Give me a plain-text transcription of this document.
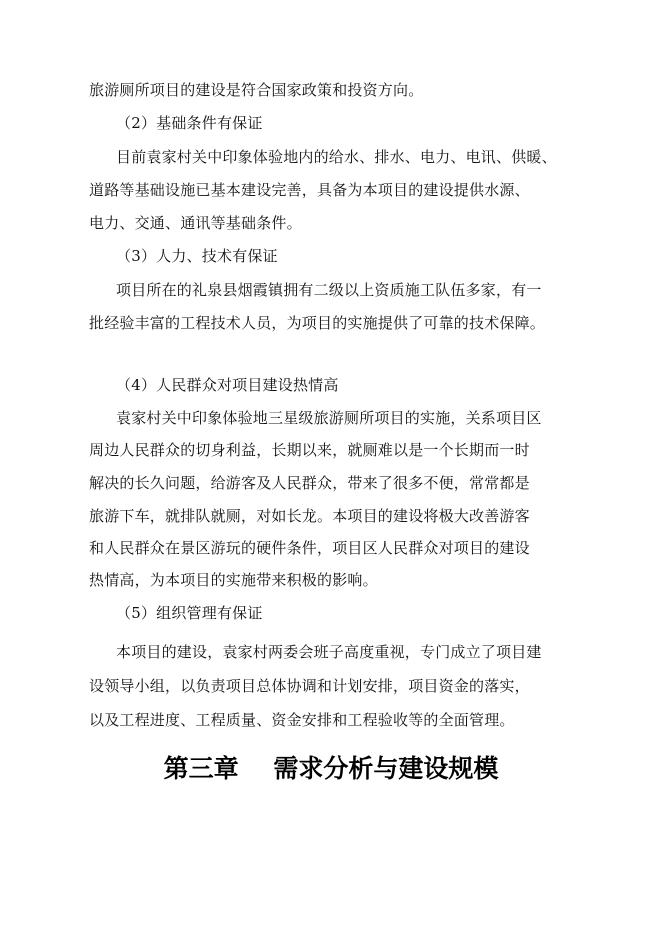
旅游厕所项目的建设是符合国家政策和投资方向。
（2）基础条件有保证
目前袁家村关中印象体验地内的给水、排水、电力、电讯、供暖、
道路等基础设施已基本建设完善，具备为本项目的建设提供水源、
电力、交通、通讯等基础条件。
（3）人力、技术有保证
项目所在的礼泉县烟霞镇拥有二级以上资质施工队伍多家，有一
批经验丰富的工程技术人员，为项目的实施提供了可靠的技术保障。
（4）人民群众对项目建设热情高
袁家村关中印象体验地三星级旅游厕所项目的实施，关系项目区
周边人民群众的切身利益，长期以来，就厕难以是一个长期而一时
解决的长久问题，给游客及人民群众，带来了很多不便，常常都是
旅游下车，就排队就厕，对如长龙。本项目的建设将极大改善游客
和人民群众在景区游玩的硬件条件，项目区人民群众对项目的建设
热情高，为本项目的实施带来积极的影响。
（5）组织管理有保证
本项目的建设，袁家村两委会班子高度重视，专门成立了项目建
设领导小组，以负责项目总体协调和计划安排，项目资金的落实，
以及工程进度、工程质量、资金安排和工程验收等的全面管理。
第三章    需求分析与建设规模
